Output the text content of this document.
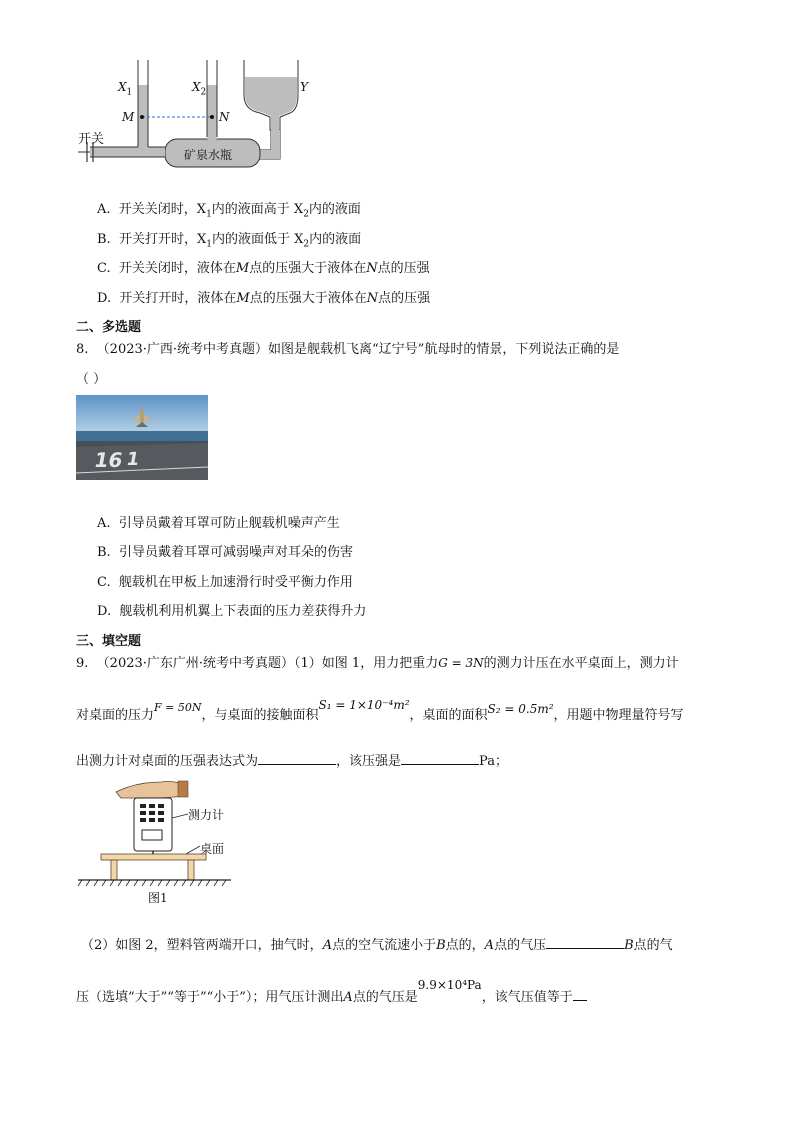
$X_1$	$X_2$	Y
M	N
开关
矿泉水瓶
A. 开关关闭时，$X_1$内的液面高于 $X_2$内的液面
B. 开关打开时，$X_1$内的液面低于 $X_2$内的液面
C. 开关关闭时，液体在M点的压强大于液体在N点的压强
D. 开关打开时，液体在M点的压强大于液体在N点的压强
二、多选题
8. （2023·广西·统考中考真题）如图是舰载机飞离“辽宁号”航母时的情景，下列说法正确的是
（ ）
16 1
A. 引导员戴着耳罩可防止舰载机噪声产生
B. 引导员戴着耳罩可减弱噪声对耳朵的伤害
C. 舰载机在甲板上加速滑行时受平衡力作用
D. 舰载机利用机翼上下表面的压力差获得升力
三、填空题
9. （2023·广东广州·统考中考真题）（1）如图 1，用力把重力G = 3N的测力计压在水平桌面上，测力计
对桌面的压力$^{F = 50N}$，与桌面的接触面积S₁ = 1×10⁻⁴m²，桌面的面积S₂ = 0.5m²，用题中物理量符号写
出测力计对桌面的压强表达式为	，该压强是	Pa；
测力计
桌面
图1
（2）如图 2，塑料管两端开口，抽气时，A点的空气流速小于B点的，A点的气压	B点的气
压（选填“大于”“等于”“小于”）；用气压计测出A点的气压是9.9×10⁴Pa，该气压值等于
